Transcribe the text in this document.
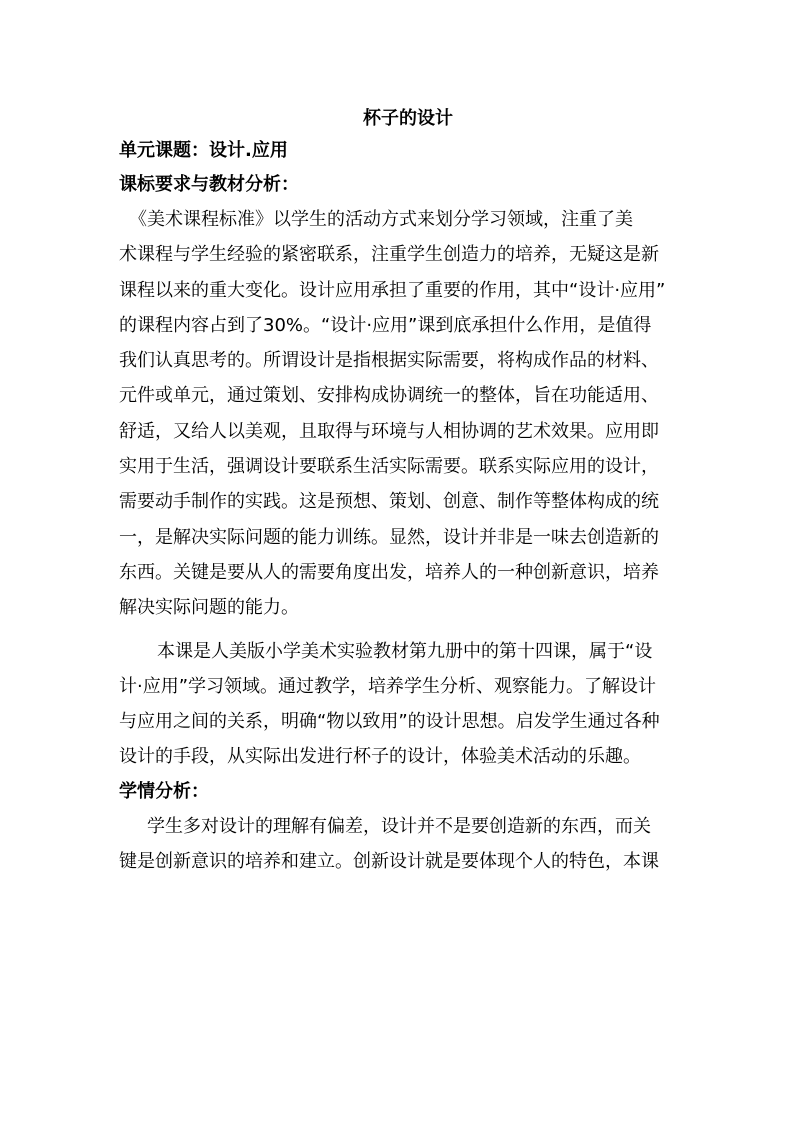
杯子的设计
单元课题：设计.应用
课标要求与教材分析：
《美术课程标准》以学生的活动方式来划分学习领域，注重了美
术课程与学生经验的紧密联系，注重学生创造力的培养，无疑这是新
课程以来的重大变化。设计应用承担了重要的作用，其中“设计·应用”
的课程内容占到了30%。“设计·应用”课到底承担什么作用，是值得
我们认真思考的。所谓设计是指根据实际需要，将构成作品的材料、
元件或单元，通过策划、安排构成协调统一的整体，旨在功能适用、
舒适，又给人以美观，且取得与环境与人相协调的艺术效果。应用即
实用于生活，强调设计要联系生活实际需要。联系实际应用的设计，
需要动手制作的实践。这是预想、策划、创意、制作等整体构成的统
一，是解决实际问题的能力训练。显然，设计并非是一味去创造新的
东西。关键是要从人的需要角度出发，培养人的一种创新意识，培养
解决实际问题的能力。
本课是人美版小学美术实验教材第九册中的第十四课，属于“设
计·应用”学习领域。通过教学，培养学生分析、观察能力。了解设计
与应用之间的关系，明确“物以致用”的设计思想。启发学生通过各种
设计的手段，从实际出发进行杯子的设计，体验美术活动的乐趣。
学情分析：
学生多对设计的理解有偏差，设计并不是要创造新的东西，而关
键是创新意识的培养和建立。创新设计就是要体现个人的特色，本课
